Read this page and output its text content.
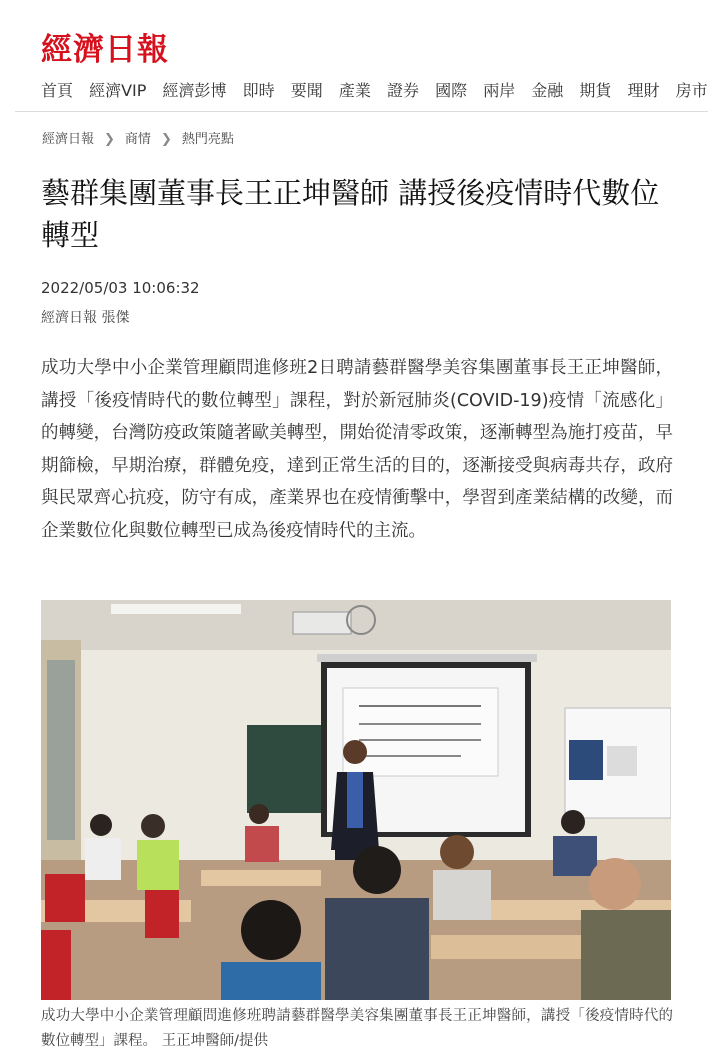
經濟日報
首頁 經濟VIP 經濟彭博 即時 要聞 產業 證券 國際 兩岸 金融 期貨 理財 房市
經濟日報 ❯ 商情 ❯ 熱門亮點
藝群集團董事長王正坤醫師 講授後疫情時代數位轉型
2022/05/03 10:06:32
經濟日報 張傑

成功大學中小企業管理顧問進修班2日聘請藝群醫學美容集團董事長王正坤醫師，講授「後疫情時代的數位轉型」課程，對於新冠肺炎(COVID-19)疫情「流感化」的轉變，台灣防疫政策隨著歐美轉型，開始從清零政策，逐漸轉型為施打疫苗，早期篩檢，早期治療，群體免疫，達到正常生活的目的，逐漸接受與病毒共存，政府與民眾齊心抗疫，防守有成，產業界也在疫情衝擊中，學習到產業結構的改變，而企業數位化與數位轉型已成為後疫情時代的主流。

成功大學中小企業管理顧問進修班聘請藝群醫學美容集團董事長王正坤醫師，講授「後疫情時代的數位轉型」課程。 王正坤醫師/提供
